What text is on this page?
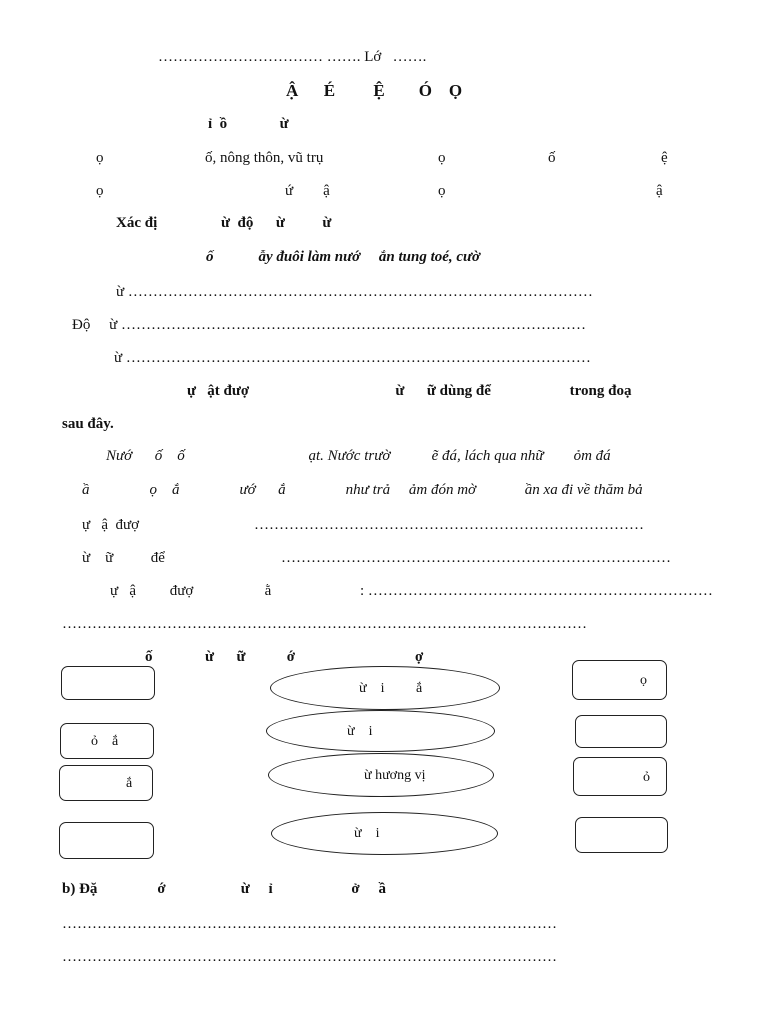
…………………………… ……. Lớ   …….
Ậ      É         Ệ        Ó    Ọ
ỉ  ồ              ừ
ọ	ố, nông thôn, vũ trụ	ọ	ố	ệ
ọ	ứ        ậ	ọ	ậ
Xác đị                 ừ  độ      ừ          ừ
ố            ẫy đuôi làm nướ     ắn tung toé, cườ
ừ …………………………………………………………………………………
Độ     ừ …………………………………………………………………………………
ừ …………………………………………………………………………………
ự   ật đượ                                       ừ      ữ dùng để                     trong đoạ
sau đây.
Nướ      ố    ố                                 ạt. Nước trườ           ẽ đá, lách qua nhữ        ỏm đá
ầ                ọ    ắ                ướ      ắ                như trả     ảm đón mờ             ần xa đi về thăm bả
ự   ậ  đượ	……………………………………………………………………
ừ    ữ          để	……………………………………………………………………
ự   ậ         đượ                   ằ	: ……………………………………………………………
……………………………………………………………………………………………
ố              ừ      ữ           ớ                                ợ
ỏ    ắ
ắ
ừ    i         ắ
ừ    i
ừ hương vị
ừ    i
ọ
ỏ
b) Đặ                ớ                    ừ     ỉ                     ở     ầ
………………………………………………………………………………………
………………………………………………………………………………………
